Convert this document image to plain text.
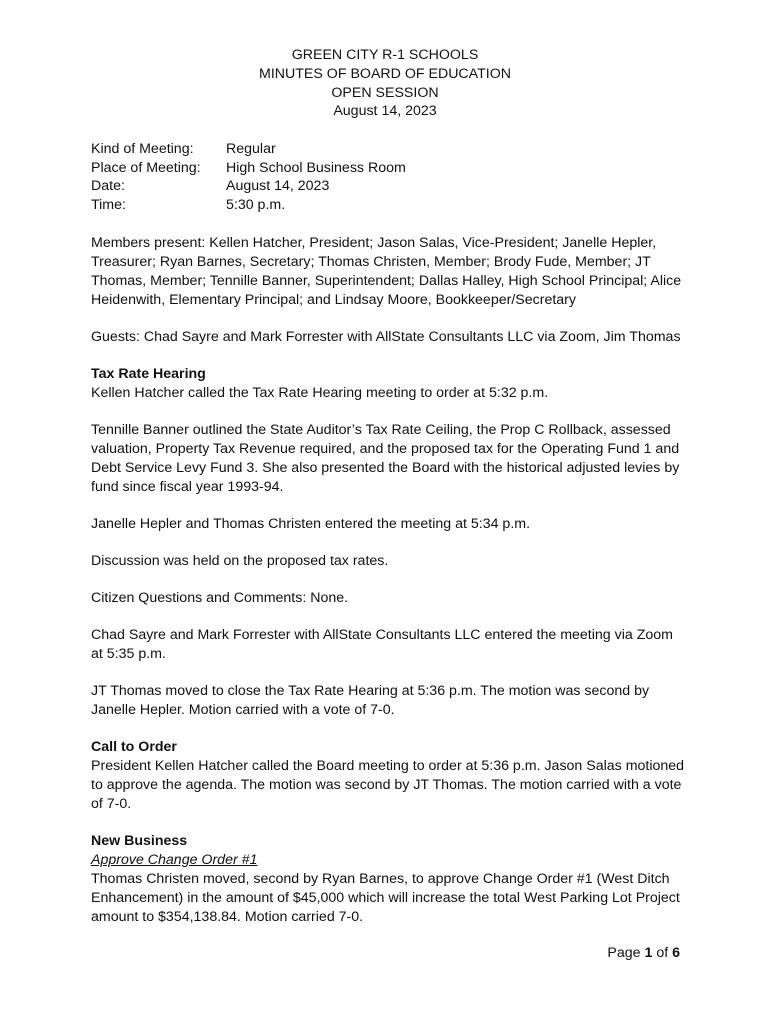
GREEN CITY R-1 SCHOOLS
MINUTES OF BOARD OF EDUCATION
OPEN SESSION
August 14, 2023
Kind of Meeting:	Regular
Place of Meeting:	High School Business Room
Date:	August 14, 2023
Time:	5:30 p.m.

Members present: Kellen Hatcher, President; Jason Salas, Vice-President; Janelle Hepler, Treasurer; Ryan Barnes, Secretary; Thomas Christen, Member; Brody Fude, Member; JT Thomas, Member; Tennille Banner, Superintendent; Dallas Halley, High School Principal; Alice Heidenwith, Elementary Principal; and Lindsay Moore, Bookkeeper/Secretary

Guests: Chad Sayre and Mark Forrester with AllState Consultants LLC via Zoom, Jim Thomas

Tax Rate Hearing

Kellen Hatcher called the Tax Rate Hearing meeting to order at 5:32 p.m.

Tennille Banner outlined the State Auditor’s Tax Rate Ceiling, the Prop C Rollback, assessed valuation, Property Tax Revenue required, and the proposed tax for the Operating Fund 1 and Debt Service Levy Fund 3. She also presented the Board with the historical adjusted levies by fund since fiscal year 1993-94.

Janelle Hepler and Thomas Christen entered the meeting at 5:34 p.m.

Discussion was held on the proposed tax rates.

Citizen Questions and Comments: None.

Chad Sayre and Mark Forrester with AllState Consultants LLC entered the meeting via Zoom at 5:35 p.m.

JT Thomas moved to close the Tax Rate Hearing at 5:36 p.m. The motion was second by Janelle Hepler. Motion carried with a vote of 7-0.

Call to Order

President Kellen Hatcher called the Board meeting to order at 5:36 p.m. Jason Salas motioned to approve the agenda. The motion was second by JT Thomas. The motion carried with a vote of 7-0.

New Business

Approve Change Order #1

Thomas Christen moved, second by Ryan Barnes, to approve Change Order #1 (West Ditch Enhancement) in the amount of $45,000 which will increase the total West Parking Lot Project amount to $354,138.84. Motion carried 7-0.

Page 1 of 6
